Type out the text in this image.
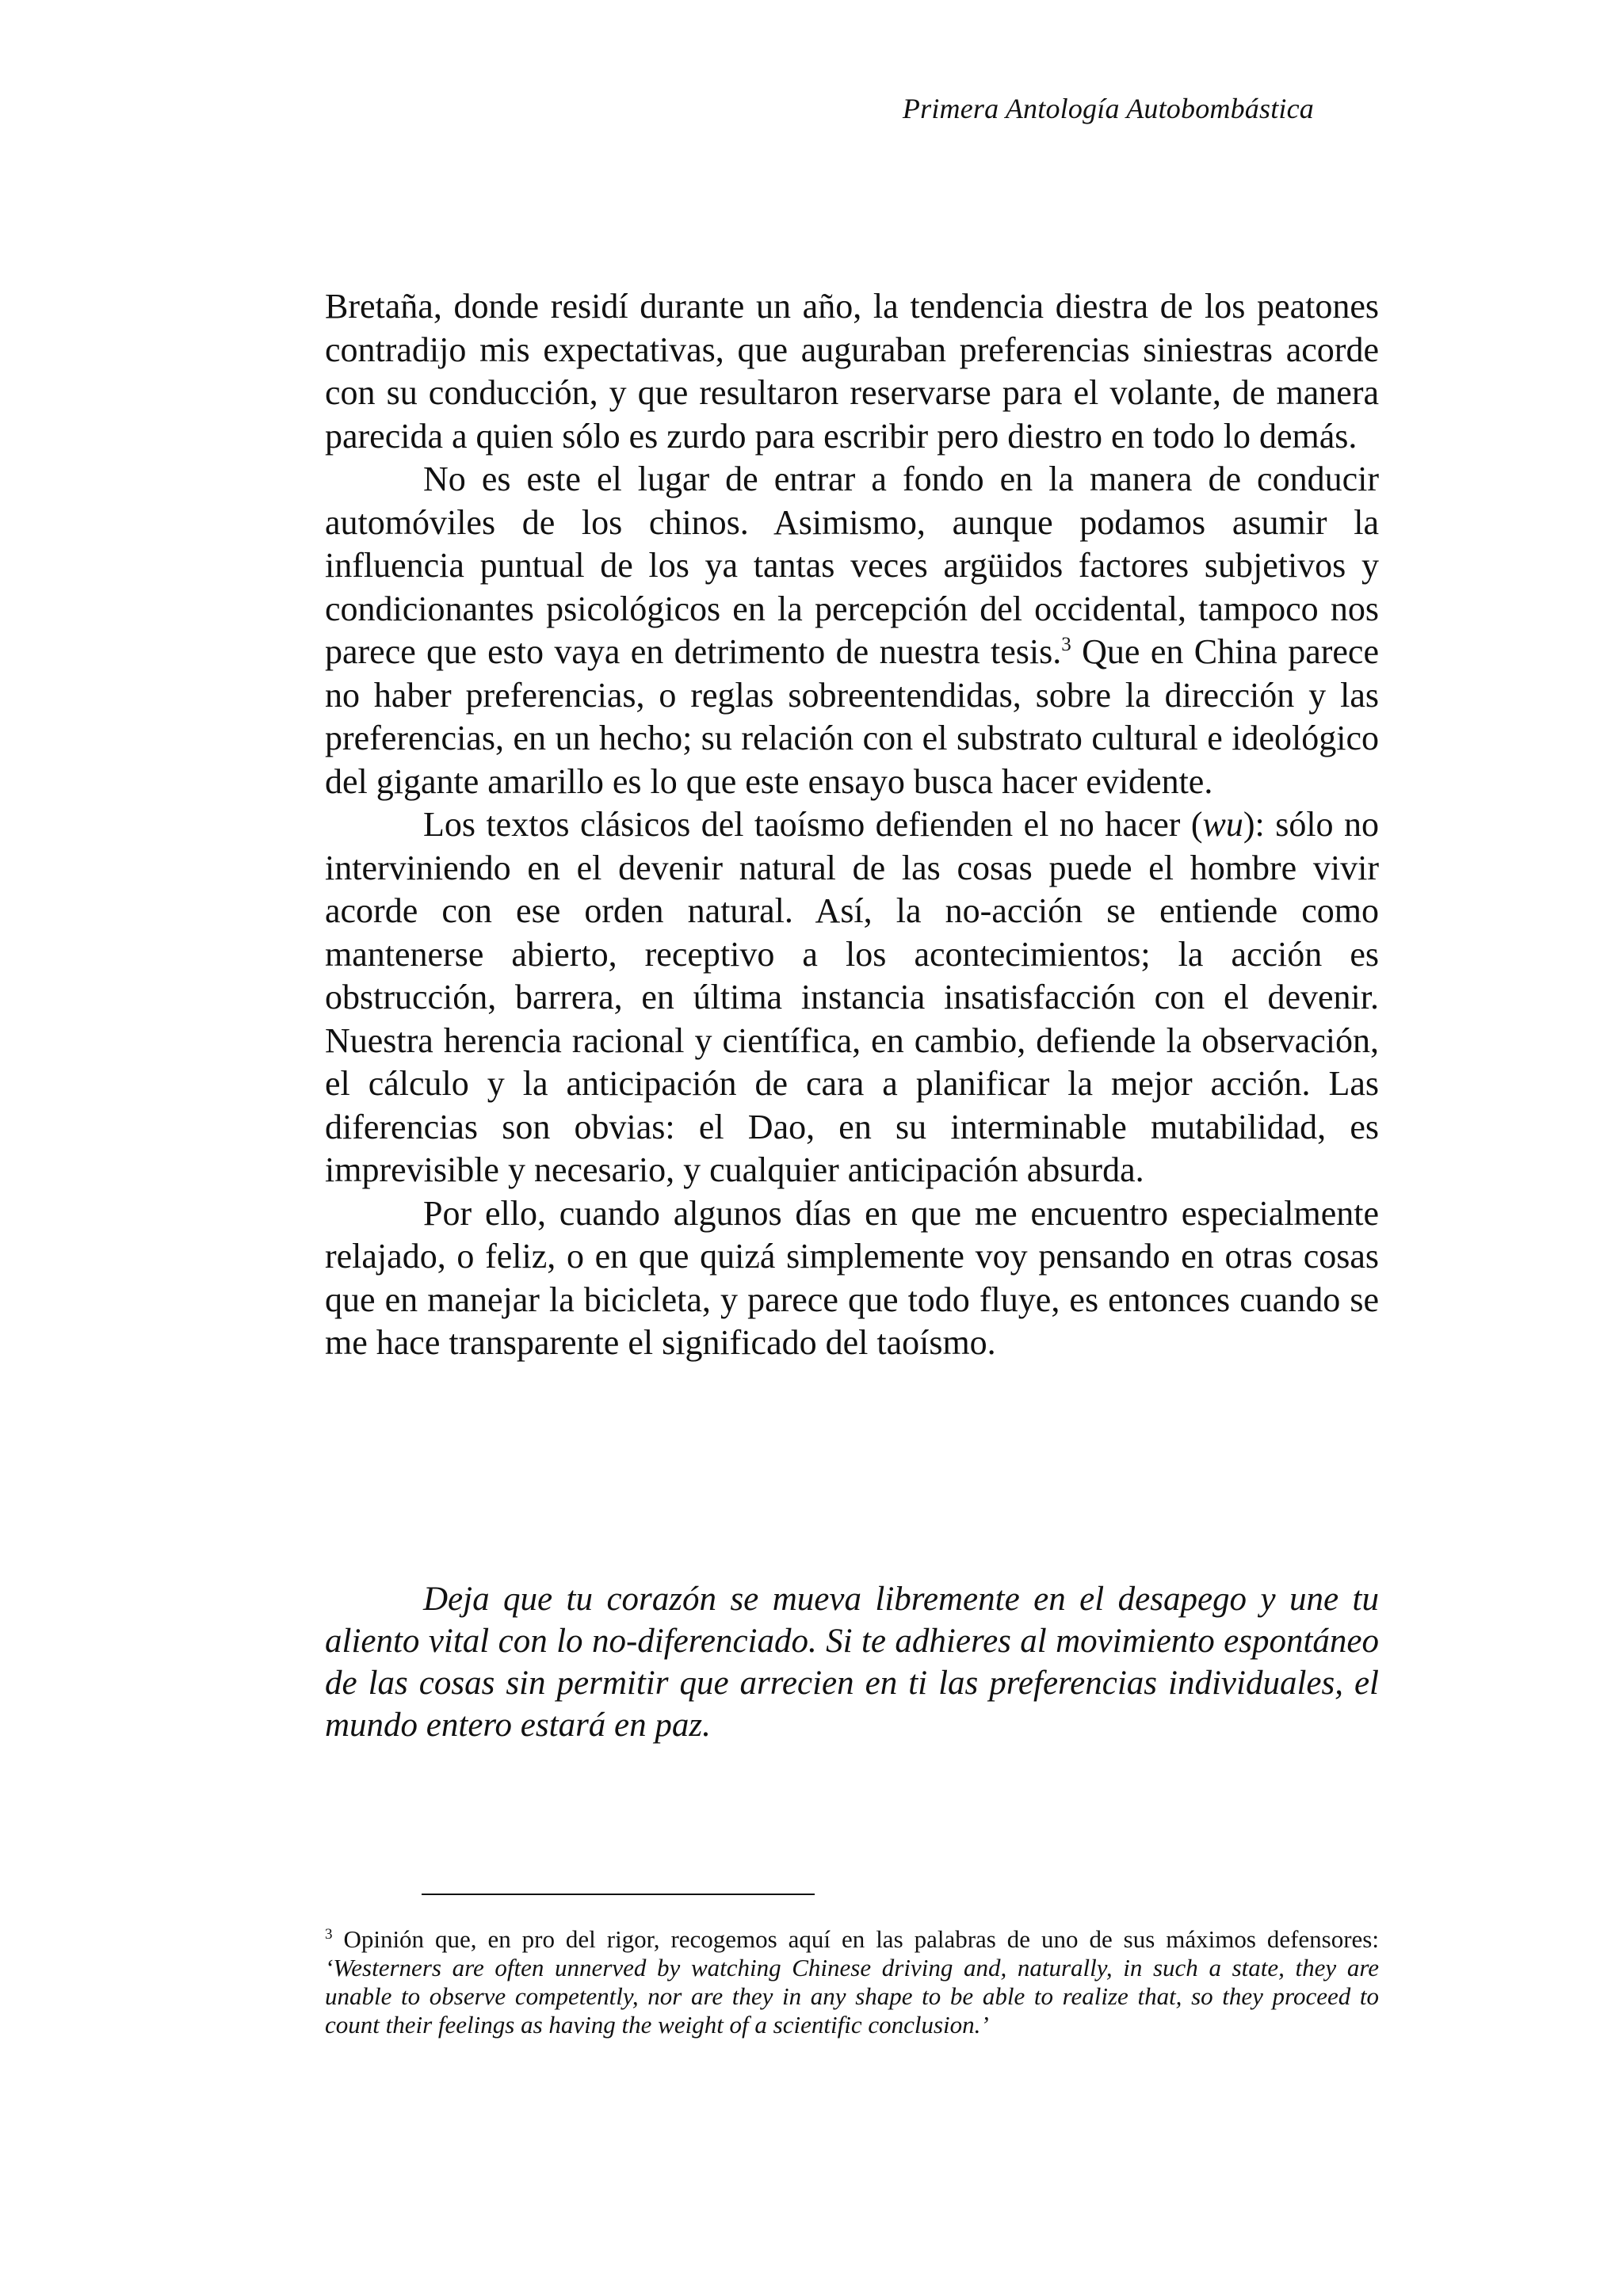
Primera Antología Autobombástica

Bretaña, donde residí durante un año, la tendencia diestra de los peatones contradijo mis expectativas, que auguraban preferencias siniestras acorde con su conducción, y que resultaron reservarse para el volante, de manera parecida a quien sólo es zurdo para escribir pero diestro en todo lo demás.

No es este el lugar de entrar a fondo en la manera de conducir automóviles de los chinos. Asimismo, aunque podamos asumir la influencia puntual de los ya tantas veces argüidos factores subjetivos y condicionantes psicológicos en la percepción del occidental, tampoco nos parece que esto vaya en detrimento de nuestra tesis.$^3$ Que en China parece no haber preferencias, o reglas sobreentendidas, sobre la dirección y las preferencias, en un hecho; su relación con el substrato cultural e ideológico del gigante amarillo es lo que este ensayo busca hacer evidente.

Los textos clásicos del taoísmo defienden el no hacer (wu): sólo no interviniendo en el devenir natural de las cosas puede el hombre vivir acorde con ese orden natural. Así, la no-acción se entiende como mantenerse abierto, receptivo a los acontecimientos; la acción es obstrucción, barrera, en última instancia insatisfacción con el devenir. Nuestra herencia racional y científica, en cambio, defiende la observación, el cálculo y la anticipación de cara a planificar la mejor acción. Las diferencias son obvias: el Dao, en su interminable mutabilidad, es imprevisible y necesario, y cualquier anticipación absurda.

Por ello, cuando algunos días en que me encuentro especialmente relajado, o feliz, o en que quizá simplemente voy pensando en otras cosas que en manejar la bicicleta, y parece que todo fluye, es entonces cuando se me hace transparente el significado del taoísmo.

Deja que tu corazón se mueva libremente en el desapego y une tu aliento vital con lo no-diferenciado. Si te adhieres al movimiento espontáneo de las cosas sin permitir que arrecien en ti las preferencias individuales, el mundo entero estará en paz.
$^3$ Opinión que, en pro del rigor, recogemos aquí en las palabras de uno de sus máximos defensores: ‘Westerners are often unnerved by watching Chinese driving and, naturally, in such a state, they are unable to observe competently, nor are they in any shape to be able to realize that, so they proceed to count their feelings as having the weight of a scientific conclusion.’
